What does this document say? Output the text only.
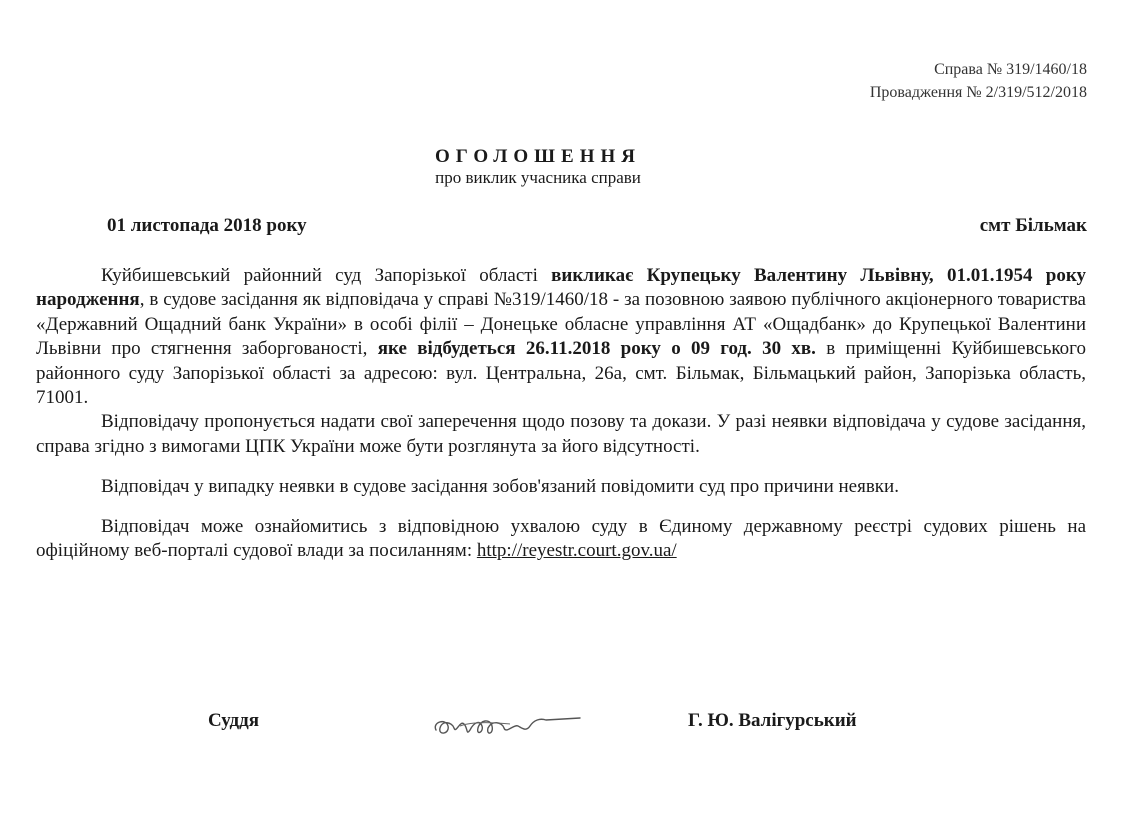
Справа № 319/1460/18
Провадження № 2/319/512/2018
ОГОЛОШЕННЯ
про виклик учасника справи
01 листопада 2018 року	смт Більмак

Куйбишевський районний суд Запорізької області викликає Крупецьку Валентину Львівну, 01.01.1954 року народження, в судове засідання як відповідача у справі №319/1460/18 - за позовною заявою публічного акціонерного товариства «Державний Ощадний банк України» в особі філії – Донецьке обласне управління АТ «Ощадбанк» до Крупецької Валентини Львівни про стягнення заборгованості, яке відбудеться 26.11.2018 року о 09 год. 30 хв. в приміщенні Куйбишевського районного суду Запорізької області за адресою: вул. Центральна, 26а, смт. Більмак, Більмацький район, Запорізька область, 71001.

Відповідачу пропонується надати свої заперечення щодо позову та докази. У разі неявки відповідача у судове засідання, справа згідно з вимогами ЦПК України може бути розглянута за його відсутності.

Відповідач у випадку неявки в судове засідання зобов'язаний повідомити суд про причини неявки.

Відповідач може ознайомитись з відповідною ухвалою суду в Єдиному державному реєстрі судових рішень на офіційному веб-порталі судової влади за посиланням: http://reyestr.court.gov.ua/

Суддя	Г. Ю. Валігурський
